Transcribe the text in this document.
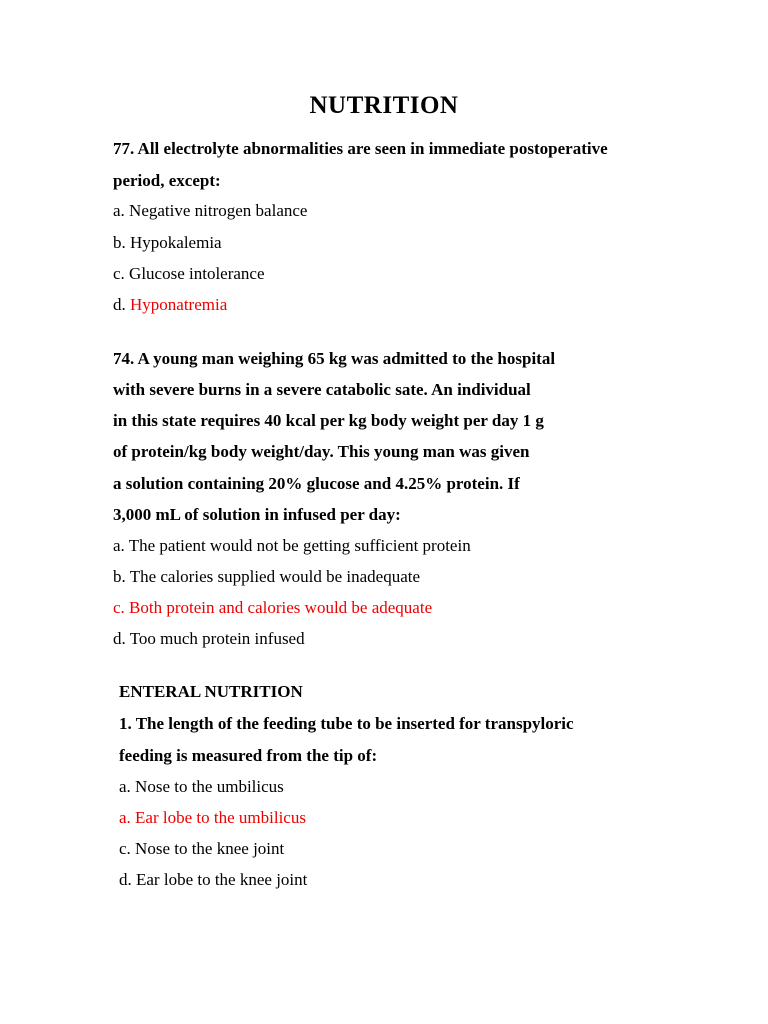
NUTRITION
77. All electrolyte abnormalities are seen in immediate postoperative
period, except:
a. Negative nitrogen balance
b. Hypokalemia
c. Glucose intolerance
d. Hyponatremia
74. A young man weighing 65 kg was admitted to the hospital
with severe burns in a severe catabolic sate. An individual
in this state requires 40 kcal per kg body weight per day 1 g
of protein/kg body weight/day. This young man was given
a solution containing 20% glucose and 4.25% protein. If
3,000 mL of solution in infused per day:
a. The patient would not be getting sufficient protein
b. The calories supplied would be inadequate
c. Both protein and calories would be adequate
d. Too much protein infused
ENTERAL NUTRITION
1. The length of the feeding tube to be inserted for transpyloric
feeding is measured from the tip of:
a. Nose to the umbilicus
a. Ear lobe to the umbilicus
c. Nose to the knee joint
d. Ear lobe to the knee joint
